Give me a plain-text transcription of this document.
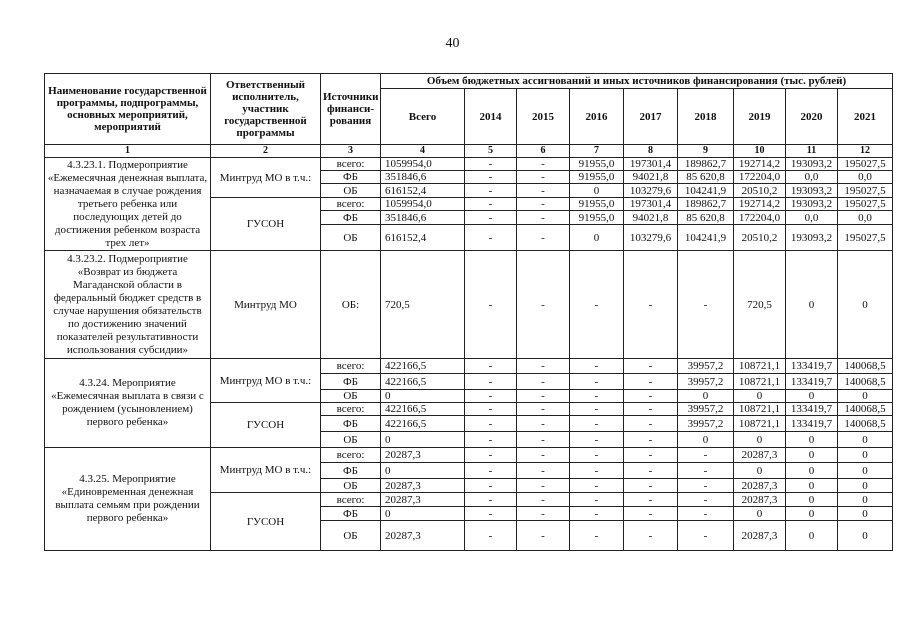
40
Наименование государственной программы, подпрограммы, основных мероприятий, мероприятий	Ответственный исполнитель, участник государственной программы	Источники финанси-рования	Объем бюджетных ассигнований и иных источников финансирования (тыс. рублей)								
			Всего	2014	2015	2016	2017	2018	2019	2020	2021
1	2	3	4	5	6	7	8	9	10	11	12
4.3.23.1. Подмероприятие «Ежемесячная денежная выплата, назначаемая в случае рождения третьего ребенка или последующих детей до достижения ребенком возраста трех лет»	Минтруд МО в т.ч.:	всего:	1059954,0	-	-	91955,0	197301,4	189862,7	192714,2	193093,2	195027,5
		ФБ	351846,6	-	-	91955,0	94021,8	85 620,8	172204,0	0,0	0,0
		ОБ	616152,4	-	-	0	103279,6	104241,9	20510,2	193093,2	195027,5
	ГУСОН	всего:	1059954,0	-	-	91955,0	197301,4	189862,7	192714,2	193093,2	195027,5
		ФБ	351846,6	-	-	91955,0	94021,8	85 620,8	172204,0	0,0	0,0
		ОБ	616152,4	-	-	0	103279,6	104241,9	20510,2	193093,2	195027,5
4.3.23.2. Подмероприятие «Возврат из бюджета Магаданской области в федеральный бюджет средств в случае нарушения обязательств по достижению значений показателей результативности использования субсидии»	Минтруд МО	ОБ:	720,5	-	-	-	-	-	720,5	0	0
4.3.24. Мероприятие «Ежемесячная выплата в связи с рождением (усыновлением) первого ребенка»	Минтруд МО в т.ч.:	всего:	422166,5	-	-	-	-	39957,2	108721,1	133419,7	140068,5
		ФБ	422166,5	-	-	-	-	39957,2	108721,1	133419,7	140068,5
		ОБ	0	-	-	-	-	0	0	0	0
	ГУСОН	всего:	422166,5	-	-	-	-	39957,2	108721,1	133419,7	140068,5
		ФБ	422166,5	-	-	-	-	39957,2	108721,1	133419,7	140068,5
		ОБ	0	-	-	-	-	0	0	0	0
4.3.25. Мероприятие «Единовременная денежная выплата семьям при рождении первого ребенка»	Минтруд МО в т.ч.:	всего:	20287,3	-	-	-	-	-	20287,3	0	0
		ФБ	0	-	-	-	-	-	0	0	0
		ОБ	20287,3	-	-	-	-	-	20287,3	0	0
	ГУСОН	всего:	20287,3	-	-	-	-	-	20287,3	0	0
		ФБ	0	-	-	-	-	-	0	0	0
		ОБ	20287,3	-	-	-	-	-	20287,3	0	0
